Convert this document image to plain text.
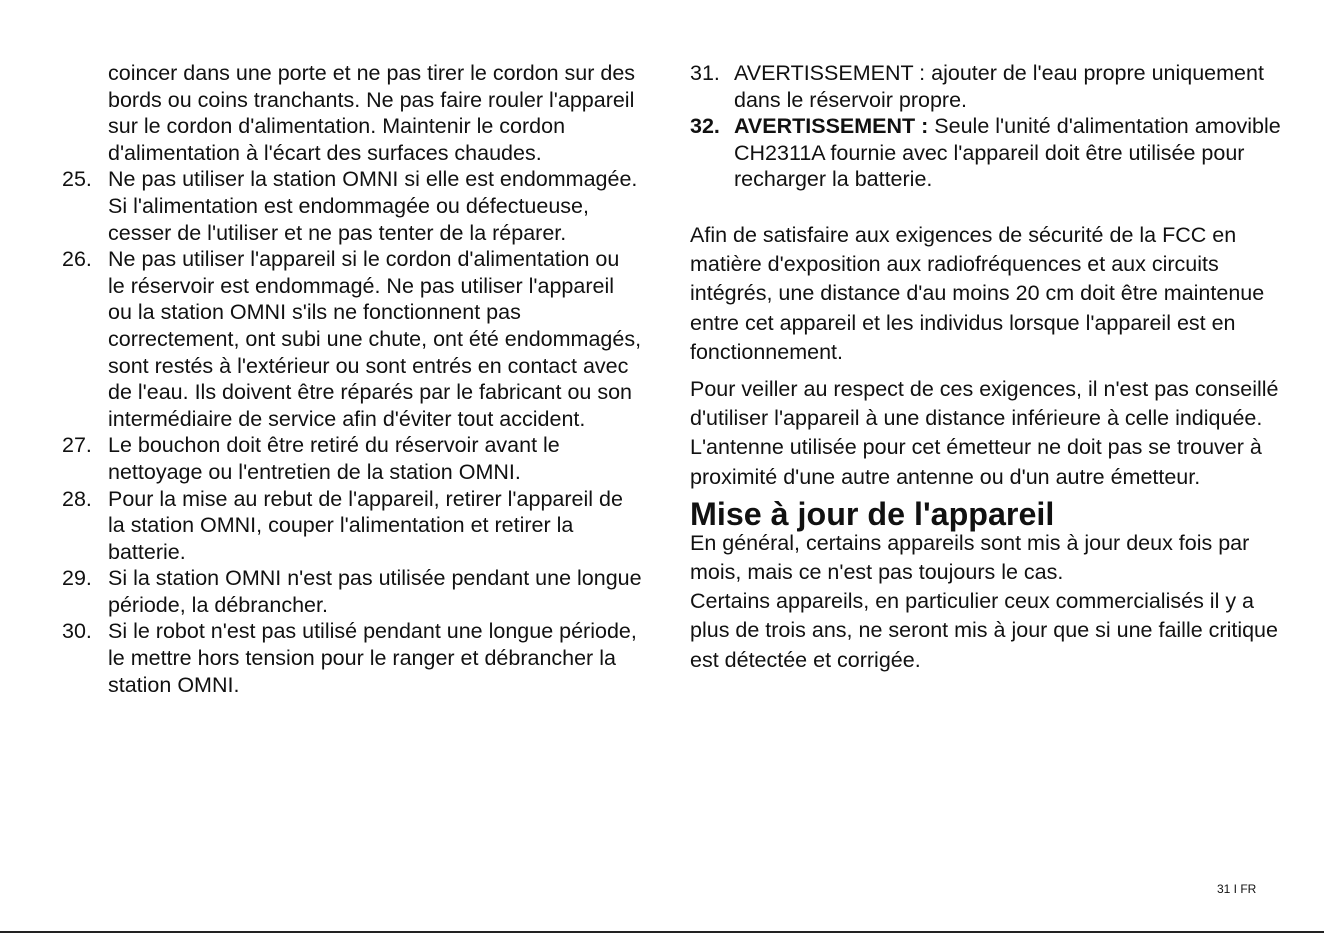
coincer dans une porte et ne pas tirer le cordon sur des bords ou coins tranchants. Ne pas faire rouler l'appareil sur le cordon d'alimentation. Maintenir le cordon d'alimentation à l'écart des surfaces chaudes.
25. Ne pas utiliser la station OMNI si elle est endommagée. Si l'alimentation est endommagée ou défectueuse, cesser de l'utiliser et ne pas tenter de la réparer.
26. Ne pas utiliser l'appareil si le cordon d'alimentation ou le réservoir est endommagé. Ne pas utiliser l'appareil ou la station OMNI s'ils ne fonctionnent pas correctement, ont subi une chute, ont été endommagés, sont restés à l'extérieur ou sont entrés en contact avec de l'eau. Ils doivent être réparés par le fabricant ou son intermédiaire de service afin d'éviter tout accident.
27. Le bouchon doit être retiré du réservoir avant le nettoyage ou l'entretien de la station OMNI.
28. Pour la mise au rebut de l'appareil, retirer l'appareil de la station OMNI, couper l'alimentation et retirer la batterie.
29. Si la station OMNI n'est pas utilisée pendant une longue période, la débrancher.
30. Si le robot n'est pas utilisé pendant une longue période, le mettre hors tension pour le ranger et débrancher la station OMNI.
31. AVERTISSEMENT : ajouter de l'eau propre uniquement dans le réservoir propre.
32. AVERTISSEMENT : Seule l'unité d'alimentation amovible CH2311A fournie avec l'appareil doit être utilisée pour recharger la batterie.

Afin de satisfaire aux exigences de sécurité de la FCC en matière d'exposition aux radiofréquences et aux circuits intégrés, une distance d'au moins 20 cm doit être maintenue entre cet appareil et les individus lorsque l'appareil est en fonctionnement.

Pour veiller au respect de ces exigences, il n'est pas conseillé d'utiliser l'appareil à une distance inférieure à celle indiquée. L'antenne utilisée pour cet émetteur ne doit pas se trouver à proximité d'une autre antenne ou d'un autre émetteur.

Mise à jour de l'appareil

En général, certains appareils sont mis à jour deux fois par mois, mais ce n'est pas toujours le cas.

Certains appareils, en particulier ceux commercialisés il y a plus de trois ans, ne seront mis à jour que si une faille critique est détectée et corrigée.

31 I FR
